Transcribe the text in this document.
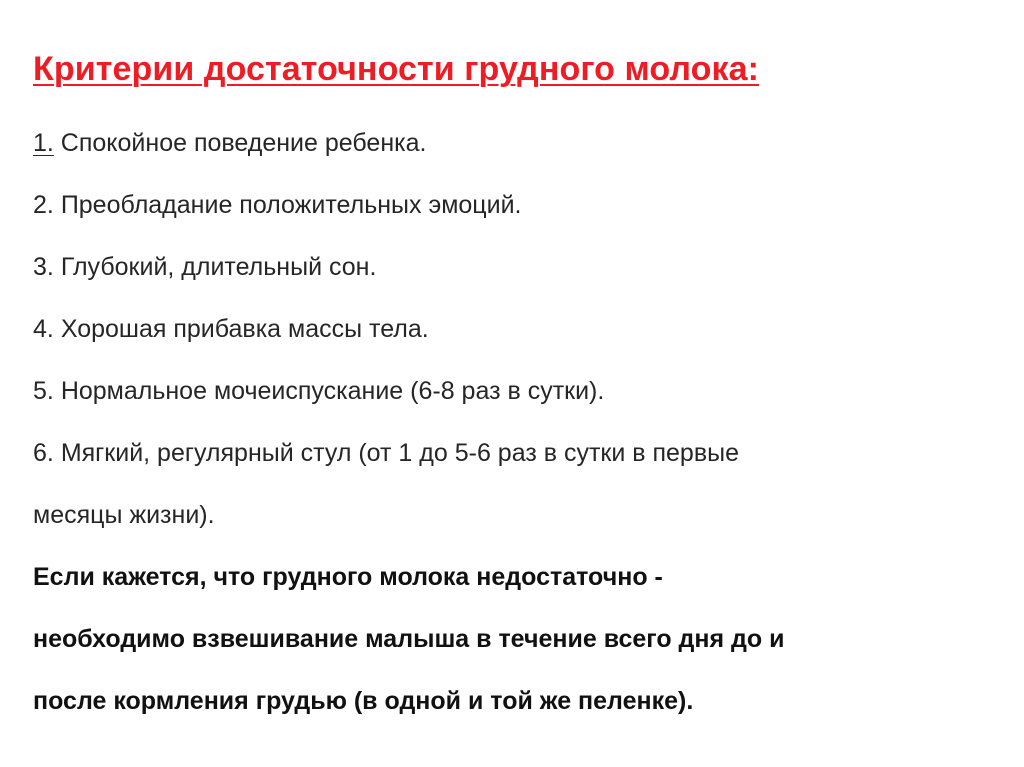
Критерии достаточности грудного молока:
1. Спокойное поведение ребенка.
2. Преобладание положительных эмоций.
3. Глубокий, длительный сон.
4. Хорошая прибавка массы тела.
5. Нормальное мочеиспускание (6-8 раз в сутки).
6. Мягкий, регулярный стул (от 1 до 5-6 раз в сутки в первые
месяцы жизни).
Если кажется, что грудного молока недостаточно -
необходимо взвешивание малыша в течение всего дня до и
после кормления грудью (в одной и той же пеленке).
